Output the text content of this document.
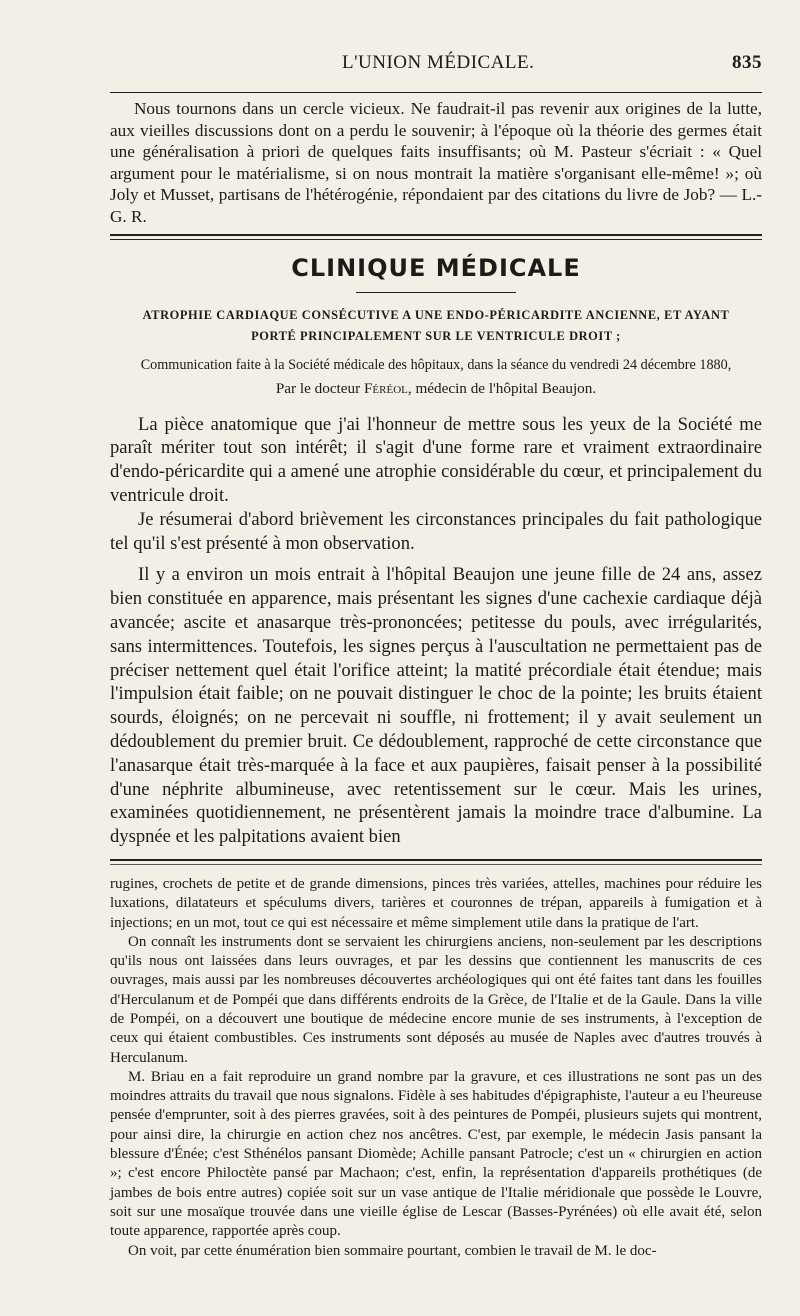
L'UNION MÉDICALE.	835

Nous tournons dans un cercle vicieux. Ne faudrait-il pas revenir aux origines de la lutte, aux vieilles discussions dont on a perdu le souvenir; à l'époque où la théorie des germes était une généralisation à priori de quelques faits insuffisants; où M. Pasteur s'écriait : « Quel argument pour le matérialisme, si on nous montrait la matière s'organisant elle-même! »; où Joly et Musset, partisans de l'hétérogénie, répondaient par des citations du livre de Job? — L.-G. R.

CLINIQUE MÉDICALE
ATROPHIE CARDIAQUE CONSÉCUTIVE A UNE ENDO-PÉRICARDITE ANCIENNE, ET AYANT
PORTÉ PRINCIPALEMENT SUR LE VENTRICULE DROIT ;
Communication faite à la Société médicale des hôpitaux, dans la séance du vendredi 24 décembre 1880,
Par le docteur Féréol, médecin de l'hôpital Beaujon.

La pièce anatomique que j'ai l'honneur de mettre sous les yeux de la Société me paraît mériter tout son intérêt; il s'agit d'une forme rare et vraiment extraordinaire d'endo-péricardite qui a amené une atrophie considérable du cœur, et principalement du ventricule droit.

Je résumerai d'abord brièvement les circonstances principales du fait pathologique tel qu'il s'est présenté à mon observation.

Il y a environ un mois entrait à l'hôpital Beaujon une jeune fille de 24 ans, assez bien constituée en apparence, mais présentant les signes d'une cachexie cardiaque déjà avancée; ascite et anasarque très-prononcées; petitesse du pouls, avec irrégularités, sans intermittences. Toutefois, les signes perçus à l'auscultation ne permettaient pas de préciser nettement quel était l'orifice atteint; la matité précordiale était étendue; mais l'impulsion était faible; on ne pouvait distinguer le choc de la pointe; les bruits étaient sourds, éloignés; on ne percevait ni souffle, ni frottement; il y avait seulement un dédoublement du premier bruit. Ce dédoublement, rapproché de cette circonstance que l'anasarque était très-marquée à la face et aux paupières, faisait penser à la possibilité d'une néphrite albumineuse, avec retentissement sur le cœur. Mais les urines, examinées quotidiennement, ne présentèrent jamais la moindre trace d'albumine. La dyspnée et les palpitations avaient bien

rugines, crochets de petite et de grande dimensions, pinces très variées, attelles, machines pour réduire les luxations, dilatateurs et spéculums divers, tarières et couronnes de trépan, appareils à fumigation et à injections; en un mot, tout ce qui est nécessaire et même simplement utile dans la pratique de l'art.

On connaît les instruments dont se servaient les chirurgiens anciens, non-seulement par les descriptions qu'ils nous ont laissées dans leurs ouvrages, et par les dessins que contiennent les manuscrits de ces ouvrages, mais aussi par les nombreuses découvertes archéologiques qui ont été faites tant dans les fouilles d'Herculanum et de Pompéi que dans différents endroits de la Grèce, de l'Italie et de la Gaule. Dans la ville de Pompéi, on a découvert une boutique de médecine encore munie de ses instruments, à l'exception de ceux qui étaient combustibles. Ces instruments sont déposés au musée de Naples avec d'autres trouvés à Herculanum.

M. Briau en a fait reproduire un grand nombre par la gravure, et ces illustrations ne sont pas un des moindres attraits du travail que nous signalons. Fidèle à ses habitudes d'épigraphiste, l'auteur a eu l'heureuse pensée d'emprunter, soit à des pierres gravées, soit à des peintures de Pompéi, plusieurs sujets qui montrent, pour ainsi dire, la chirurgie en action chez nos ancêtres. C'est, par exemple, le médecin Jasis pansant la blessure d'Énée; c'est Sthénélos pansant Diomède; Achille pansant Patrocle; c'est un « chirurgien en action »; c'est encore Philoctète pansé par Machaon; c'est, enfin, la représentation d'appareils prothétiques (de jambes de bois entre autres) copiée soit sur un vase antique de l'Italie méridionale que possède le Louvre, soit sur une mosaïque trouvée dans une vieille église de Lescar (Basses-Pyrénées) où elle avait été, selon toute apparence, rapportée après coup.

On voit, par cette énumération bien sommaire pourtant, combien le travail de M. le doc-
